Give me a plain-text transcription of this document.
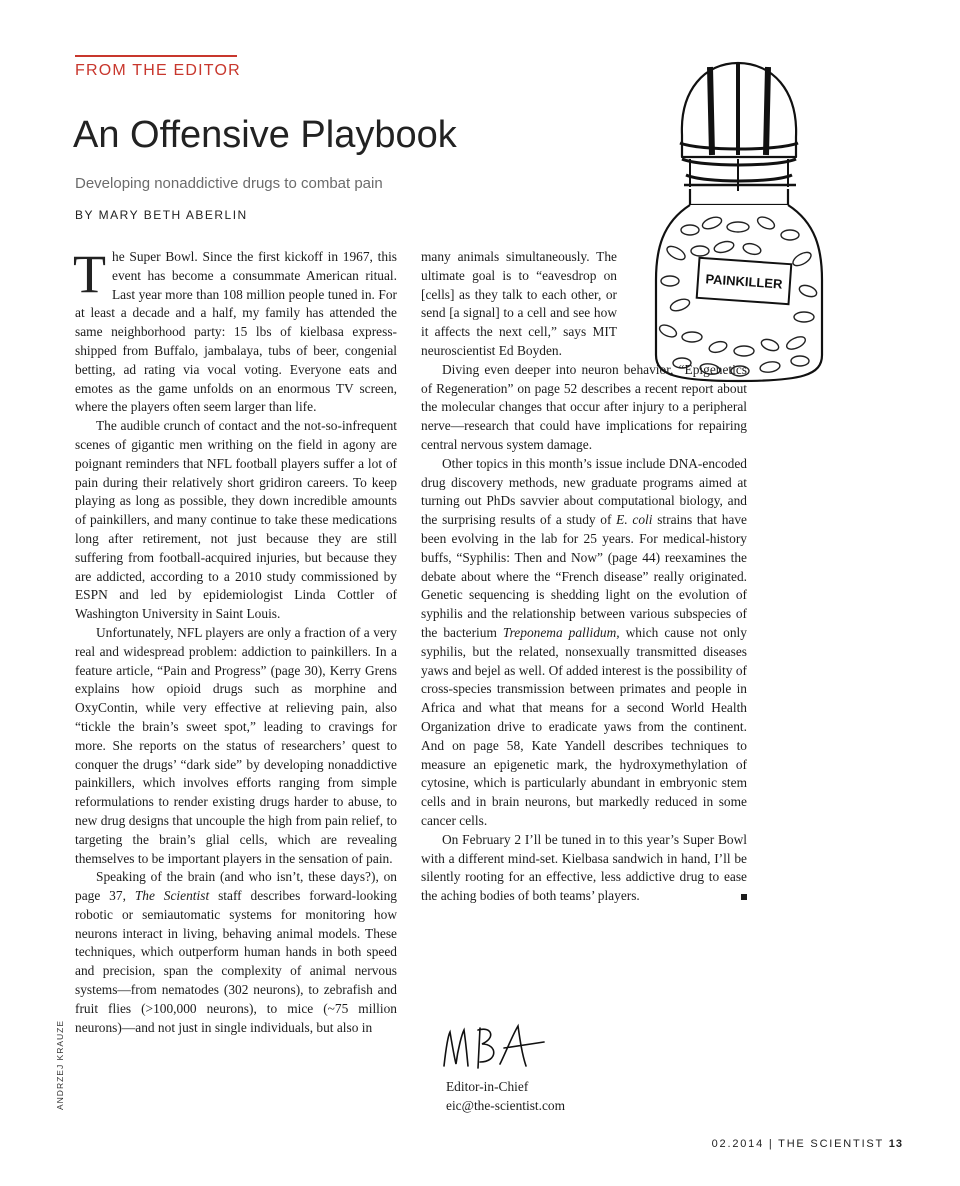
FROM THE EDITOR
An Offensive Playbook
Developing nonaddictive drugs to combat pain
BY MARY BETH ABERLIN
PAINKILLER

The Super Bowl. Since the first kickoff in 1967, this event has become a consummate American ritual. Last year more than 108 million people tuned in. For at least a decade and a half, my family has attended the same neighborhood party: 15 lbs of kielbasa express-shipped from Buffalo, jambalaya, tubs of beer, congenial betting, ad rating via vocal voting. Everyone eats and emotes as the game unfolds on an enormous TV screen, where the players often seem larger than life.

The audible crunch of contact and the not-so-infrequent scenes of gigantic men writhing on the field in agony are poignant reminders that NFL football players suffer a lot of pain during their relatively short gridiron careers. To keep playing as long as possible, they down incredible amounts of painkillers, and many continue to take these medications long after retirement, not just because they are still suffering from football-acquired injuries, but because they are addicted, according to a 2010 study commissioned by ESPN and led by epidemiologist Linda Cottler of Washington University in Saint Louis.

Unfortunately, NFL players are only a fraction of a very real and widespread problem: addiction to painkillers. In a feature article, “Pain and Progress” (page 30), Kerry Grens explains how opioid drugs such as morphine and OxyContin, while very effective at relieving pain, also “tickle the brain’s sweet spot,” leading to cravings for more. She reports on the status of researchers’ quest to conquer the drugs’ “dark side” by developing nonaddictive painkillers, which involves efforts ranging from simple reformulations to render existing drugs harder to abuse, to new drug designs that uncouple the high from pain relief, to targeting the brain’s glial cells, which are revealing themselves to be important players in the sensation of pain.

Speaking of the brain (and who isn’t, these days?), on page 37, The Scientist staff describes forward-looking robotic or semiautomatic systems for monitoring how neurons interact in living, behaving animal models. These techniques, which outperform human hands in both speed and precision, span the complexity of animal nervous systems—from nematodes (302 neurons), to zebrafish and fruit flies (>100,000 neurons), to mice (~75 million neurons)—and not just in single individuals, but also in

many animals simultaneously. The ultimate goal is to “eavesdrop on [cells] as they talk to each other, or send [a signal] to a cell and see how it affects the next cell,” says MIT neuroscientist Ed Boyden.

Diving even deeper into neuron behavior, “Epigenetics of Regeneration” on page 52 describes a recent report about the molecular changes that occur after injury to a peripheral nerve—research that could have implications for repairing central nervous system damage.

Other topics in this month’s issue include DNA-encoded drug discovery methods, new graduate programs aimed at turning out PhDs savvier about computational biology, and the surprising results of a study of E. coli strains that have been evolving in the lab for 25 years. For medical-history buffs, “Syphilis: Then and Now” (page 44) reexamines the debate about where the “French disease” really originated. Genetic sequencing is shedding light on the evolution of syphilis and the relationship between various subspecies of the bacterium Treponema pallidum, which cause not only syphilis, but the related, nonsexually transmitted diseases yaws and bejel as well. Of added interest is the possibility of cross-species transmission between primates and people in Africa and what that means for a second World Health Organization drive to eradicate yaws from the continent. And on page 58, Kate Yandell describes techniques to measure an epigenetic mark, the hydroxymethylation of cytosine, which is particularly abundant in embryonic stem cells and in brain neurons, but markedly reduced in some cancer cells.

On February 2 I’ll be tuned in to this year’s Super Bowl with a different mind-set. Kielbasa sandwich in hand, I’ll be silently rooting for an effective, less addictive drug to ease the aching bodies of both teams’ players.

Editor-in-Chief
eic@the-scientist.com
ANDRZEJ KRAUZE
02.2014 | THE SCIENTIST 13
